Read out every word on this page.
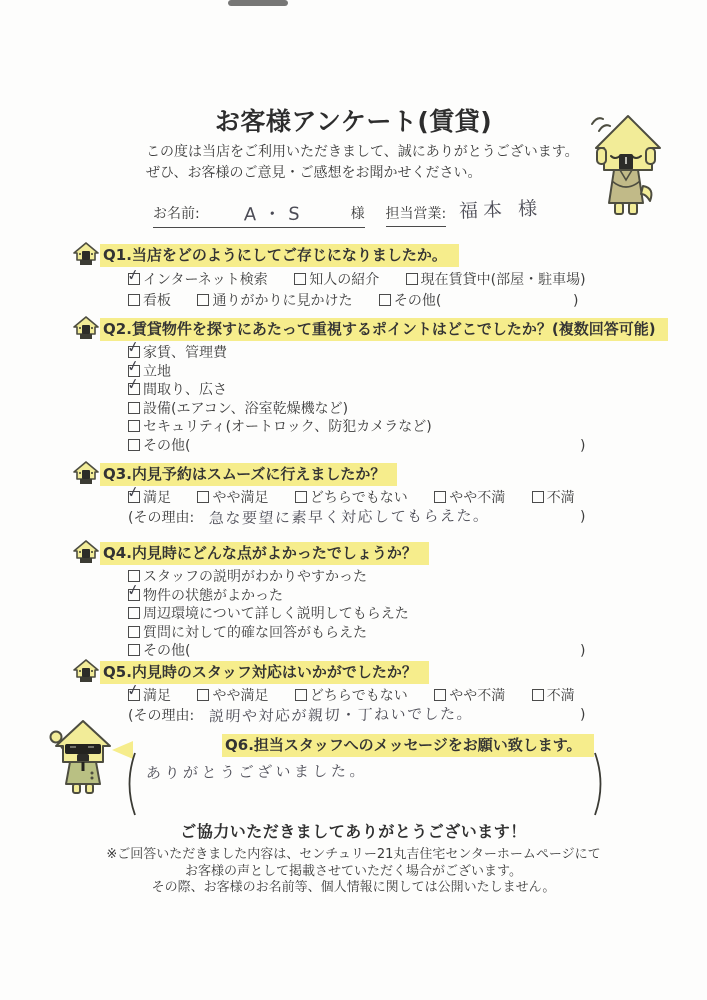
お客様アンケート(賃貸)
この度は当店をご利用いただきまして、誠にありがとうございます。
ぜひ、お客様のご意見・ご感想をお聞かせください。
お名前: A・S	様 担当営業: 福本 様
Q1.当店をどのようにしてご存じになりましたか。
✓インターネット検索	知人の紹介	現在賃貸中(部屋・駐車場)
看板	通りがかりに見かけた	その他(	)
Q2.賃貸物件を探すにあたって重視するポイントはどこでしたか？(複数回答可能)
✓家賃、管理費
✓立地
✓間取り、広さ
設備(エアコン、浴室乾燥機など)
セキュリティ(オートロック、防犯カメラなど)
その他(	)
Q3.内見予約はスムーズに行えましたか？
✓満足	やや満足	どちらでもない	やや不満	不満
(その理由: 急な要望に素早く対応してもらえた。	)
Q4.内見時にどんな点がよかったでしょうか？
スタッフの説明がわかりやすかった
✓物件の状態がよかった
周辺環境について詳しく説明してもらえた
質問に対して的確な回答がもらえた
その他(	)
Q5.内見時のスタッフ対応はいかがでしたか？
✓満足	やや満足	どちらでもない	やや不満	不満
(その理由: 説明や対応が親切・丁ねいでした。	)
Q6.担当スタッフへのメッセージをお願い致します。
ありがとうございました。
ご協力いただきましてありがとうございます！
※ご回答いただきました内容は、センチュリー21丸吉住宅センターホームページにて
お客様の声として掲載させていただく場合がございます。
その際、お客様のお名前等、個人情報に関しては公開いたしません。
